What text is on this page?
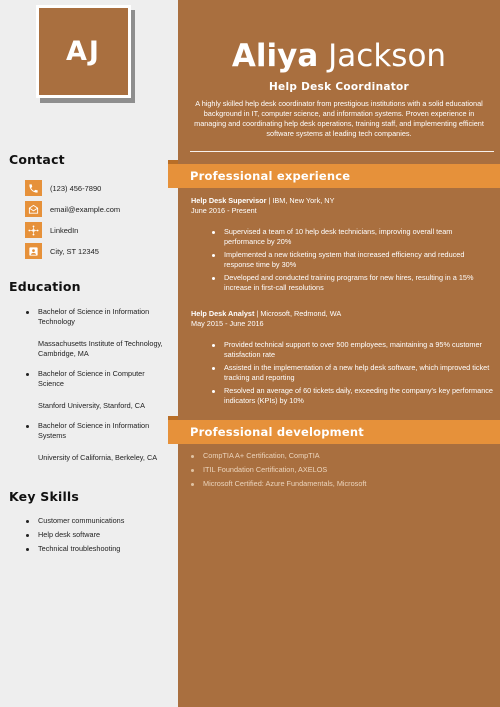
AJ	Aliya Jackson
Help Desk Coordinator
A highly skilled help desk coordinator from prestigious institutions with a solid educational background in IT, computer science, and information systems. Proven experience in managing and coordinating help desk operations, training staff, and implementing efficient software systems at leading tech companies.
Contact
(123) 456-7890
email@example.com
LinkedIn
City, ST 12345
Education
Bachelor of Science in Information Technology
Massachusetts Institute of Technology, Cambridge, MA
Bachelor of Science in Computer Science
Stanford University, Stanford, CA
Bachelor of Science in Information Systems
University of California, Berkeley, CA
Key Skills
Customer communications
Help desk software
Technical troubleshooting
Professional experience
Help Desk Supervisor | IBM, New York, NY
June 2016 - Present
Supervised a team of 10 help desk technicians, improving overall team performance by 20%
Implemented a new ticketing system that increased efficiency and reduced response time by 30%
Developed and conducted training programs for new hires, resulting in a 15% increase in first-call resolutions
Help Desk Analyst | Microsoft, Redmond, WA
May 2015 - June 2016
Provided technical support to over 500 employees, maintaining a 95% customer satisfaction rate
Assisted in the implementation of a new help desk software, which improved ticket tracking and reporting
Resolved an average of 60 tickets daily, exceeding the company's key performance indicators (KPIs) by 10%
Professional development
CompTIA A+ Certification, CompTIA
ITIL Foundation Certification, AXELOS
Microsoft Certified: Azure Fundamentals, Microsoft
